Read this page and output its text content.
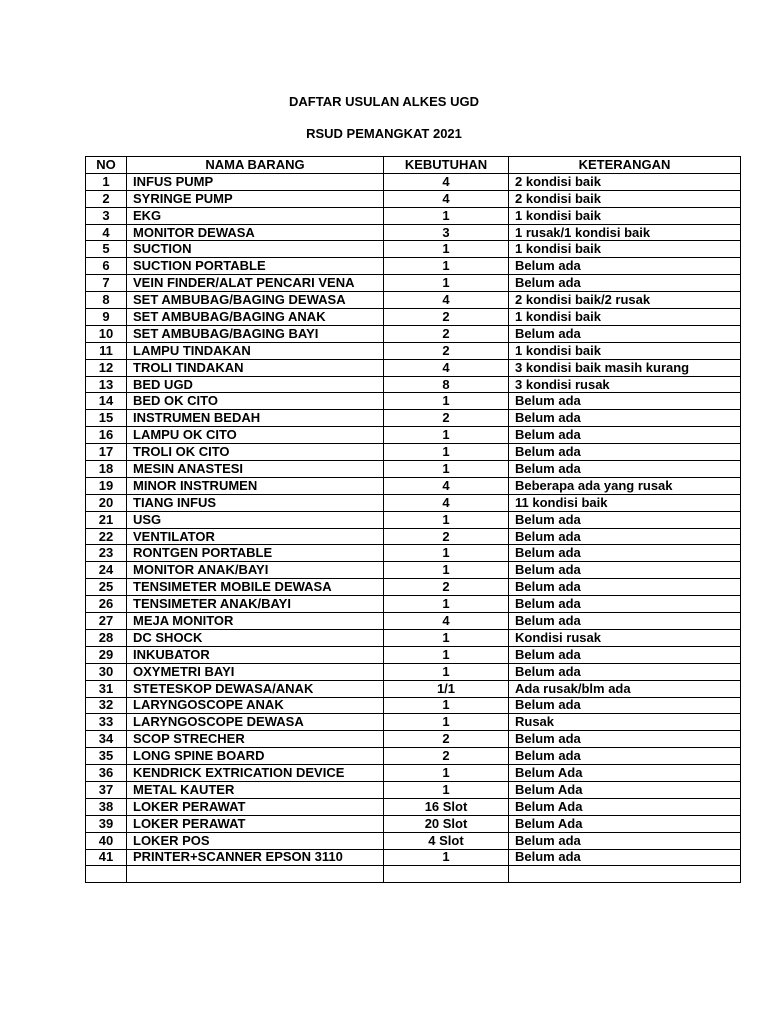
DAFTAR USULAN ALKES UGD
RSUD PEMANGKAT 2021
NO	NAMA BARANG	KEBUTUHAN	KETERANGAN
1	INFUS PUMP	4	2 kondisi baik
2	SYRINGE PUMP	4	2 kondisi baik
3	EKG	1	1 kondisi baik
4	MONITOR DEWASA	3	1 rusak/1 kondisi baik
5	SUCTION	1	1 kondisi baik
6	SUCTION PORTABLE	1	Belum ada
7	VEIN FINDER/ALAT PENCARI VENA	1	Belum ada
8	SET AMBUBAG/BAGING DEWASA	4	2 kondisi baik/2 rusak
9	SET AMBUBAG/BAGING ANAK	2	1 kondisi baik
10	SET AMBUBAG/BAGING BAYI	2	Belum ada
11	LAMPU TINDAKAN	2	1 kondisi baik
12	TROLI TINDAKAN	4	3 kondisi baik masih kurang
13	BED UGD	8	3 kondisi rusak
14	BED OK CITO	1	Belum ada
15	INSTRUMEN BEDAH	2	Belum ada
16	LAMPU OK CITO	1	Belum ada
17	TROLI OK CITO	1	Belum ada
18	MESIN ANASTESI	1	Belum ada
19	MINOR INSTRUMEN	4	Beberapa ada yang rusak
20	TIANG INFUS	4	11 kondisi baik
21	USG	1	Belum ada
22	VENTILATOR	2	Belum ada
23	RONTGEN PORTABLE	1	Belum ada
24	MONITOR ANAK/BAYI	1	Belum ada
25	TENSIMETER MOBILE DEWASA	2	Belum ada
26	TENSIMETER ANAK/BAYI	1	Belum ada
27	MEJA MONITOR	4	Belum ada
28	DC SHOCK	1	Kondisi rusak
29	INKUBATOR	1	Belum ada
30	OXYMETRI BAYI	1	Belum ada
31	STETESKOP DEWASA/ANAK	1/1	Ada rusak/blm ada
32	LARYNGOSCOPE ANAK	1	Belum ada
33	LARYNGOSCOPE DEWASA	1	Rusak
34	SCOP STRECHER	2	Belum ada
35	LONG SPINE BOARD	2	Belum ada
36	KENDRICK EXTRICATION DEVICE	1	Belum Ada
37	METAL KAUTER	1	Belum Ada
38	LOKER PERAWAT	16 Slot	Belum Ada
39	LOKER PERAWAT	20 Slot	Belum Ada
40	LOKER POS	4 Slot	Belum ada
41	PRINTER+SCANNER EPSON 3110	1	Belum ada
